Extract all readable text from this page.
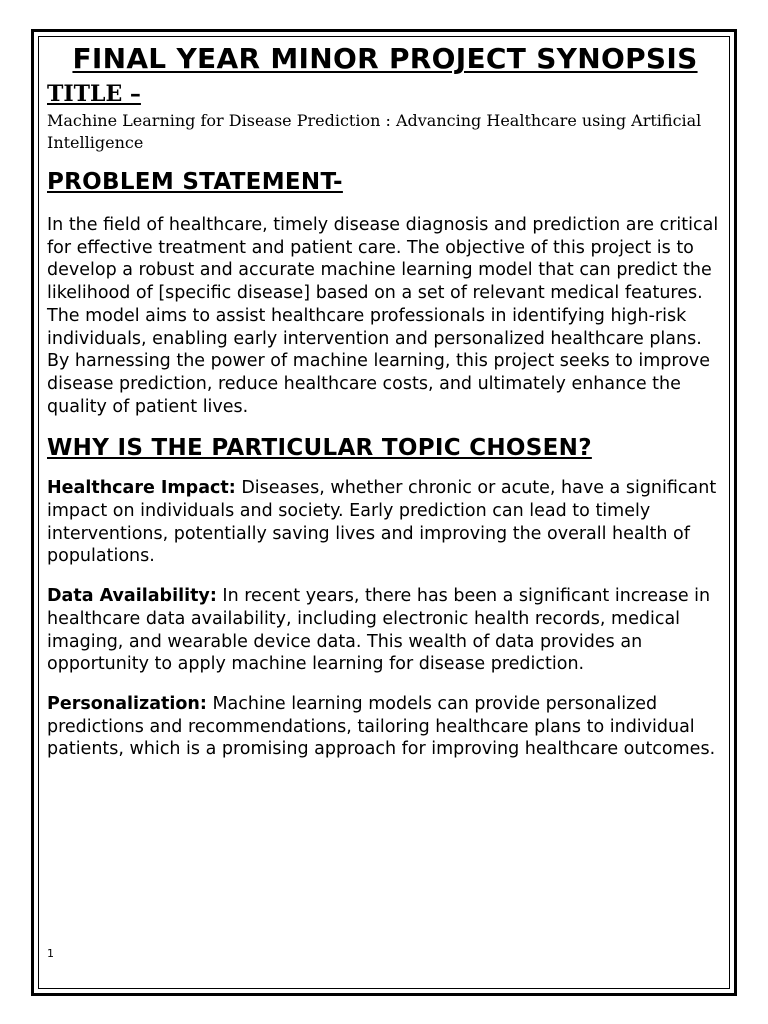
FINAL YEAR MINOR PROJECT SYNOPSIS
TITLE –
Machine Learning for Disease Prediction : Advancing Healthcare using Artificial Intelligence
PROBLEM STATEMENT-

In the field of healthcare, timely disease diagnosis and prediction are critical for effective treatment and patient care. The objective of this project is to develop a robust and accurate machine learning model that can predict the likelihood of [specific disease] based on a set of relevant medical features. The model aims to assist healthcare professionals in identifying high-risk individuals, enabling early intervention and personalized healthcare plans. By harnessing the power of machine learning, this project seeks to improve disease prediction, reduce healthcare costs, and ultimately enhance the quality of patient lives.

WHY IS THE PARTICULAR TOPIC CHOSEN?

Healthcare Impact: Diseases, whether chronic or acute, have a significant impact on individuals and society. Early prediction can lead to timely interventions, potentially saving lives and improving the overall health of populations.

Data Availability: In recent years, there has been a significant increase in healthcare data availability, including electronic health records, medical imaging, and wearable device data. This wealth of data provides an opportunity to apply machine learning for disease prediction.

Personalization: Machine learning models can provide personalized predictions and recommendations, tailoring healthcare plans to individual patients, which is a promising approach for improving healthcare outcomes.

1
